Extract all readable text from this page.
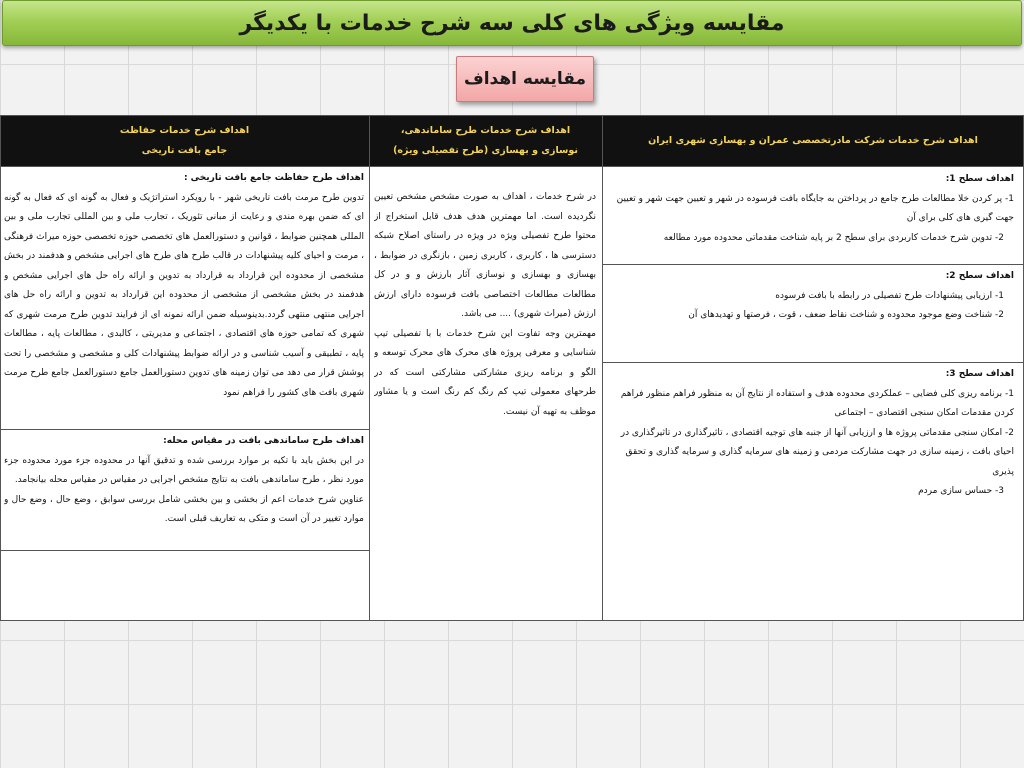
مقایسه ویژگی های کلی سه شرح خدمات با یکدیگر
مقایسه اهداف
اهداف شرح خدمات شرکت مادرتخصصی عمران و بهسازی شهری ایران
اهداف شرح خدمات طرح ساماندهی،
نوسازی و بهسازی (طرح تفصیلی ویژه)
اهداف شرح خدمات حفاظت
جامع بافت تاریخی
اهداف سطح 1:

1- پر کردن خلا مطالعات طرح جامع در پرداختن به جایگاه بافت فرسوده در شهر و تعیین جهت شهر و تعیین جهت گیری های کلی برای آن

2- تدوین شرح خدمات کاربردی برای سطح 2 بر پایه شناخت مقدماتی محدوده مورد مطالعه

اهداف سطح 2:

1- ارزیابی پیشنهادات طرح تفصیلی در رابطه با بافت فرسوده

2- شناخت وضع موجود محدوده و شناخت نقاط ضعف ، قوت ، فرصتها و تهدیدهای آن

اهداف سطح 3:

1- برنامه ریزی کلی فضایی – عملکردی محدوده هدف و استفاده از نتایج آن به منظور فراهم منظور فراهم کردن مقدمات امکان سنجی اقتصادی – اجتماعی

2- امکان سنجی مقدماتی پروژه ها و ارزیابی آنها از جنبه های توجیه اقتصادی ، تاثیرگذاری در تاثیرگذاری در احیای بافت ، زمینه سازی در جهت مشارکت مردمی و زمینه های سرمایه گذاری و سرمایه گذاری و تحقق پذیری

3- حساس سازی مردم

در شرح خدمات ، اهداف به صورت مشخص مشخص تعیین نگردیده است. اما مهمترین هدف هدف قابل استخراج از محتوا طرح تفصیلی ویژه در ویژه در راستای اصلاح شبکه دسترسی ها ، کاربری ، کاربری زمین ، بازنگری در ضوابط ، بهسازی و بهسازی و نوسازی آثار بارزش و و در کل مطالعات مطالعات اختصاصی بافت فرسوده دارای ارزش ارزش (میراث شهری) .... می باشد.

مهمترین وجه تفاوت این شرح خدمات با با تفصیلی تیپ شناسایی و معرفی پروژه های محرک های محرک توسعه و الگو و برنامه ریزی مشارکتی مشارکتی است که در طرحهای معمولی تیپ کم رنگ کم رنگ است و یا مشاور موظف به تهیه آن نیست.

اهداف طرح حفاظت جامع بافت تاریخی :

تدوین طرح مرمت بافت تاریخی شهر - با رویکرد استراتژیک و فعال به گونه ای که فعال به گونه ای که ضمن بهره مندی و رعایت از مبانی تئوریک ، تجارب ملی و بین المللی تجارب ملی و بین المللی همچنین ضوابط ، قوانین و دستورالعمل های تخصصی حوزه تخصصی حوزه میراث فرهنگی ، مرمت و احیای کلیه پیشنهادات در قالب طرح های طرح های اجرایی مشخص و هدفمند در بخش مشخصی از محدوده این قرارداد به قرارداد به تدوین و ارائه راه حل های اجرایی مشخص و هدفمند در بخش مشخصی از مشخصی از محدوده این قرارداد به تدوین و ارائه راه حل های اجرایی منتهی منتهی گردد.بدینوسیله ضمن ارائه نمونه ای از فرایند تدوین طرح مرمت شهری که شهری که تمامی حوزه های اقتصادی ، اجتماعی و مدیریتی ، کالبدی ، مطالعات پایه ، مطالعات پایه ، تطبیقی و آسیب شناسی و در ارائه ضوابط پیشنهادات کلی و مشخصی و مشخصی را تحت پوشش قرار می دهد می توان زمینه های تدوین دستورالعمل جامع دستورالعمل جامع طرح مرمت شهری بافت های کشور را فراهم نمود

اهداف طرح ساماندهی بافت در مقیاس محله:

در این بخش باید با تکیه بر موارد بررسی شده و تدقیق آنها در محدوده جزء مورد محدوده جزء مورد نظر ، طرح ساماندهی بافت به نتایج مشخص اجرایی در مقیاس در مقیاس محله بیانجامد.

عناوین شرح خدمات اعم از بخشی و بین بخشی شامل بررسی سوابق ، وضع حال ، وضع حال و موارد تغییر در آن است و متکی به تعاریف قبلی است.
